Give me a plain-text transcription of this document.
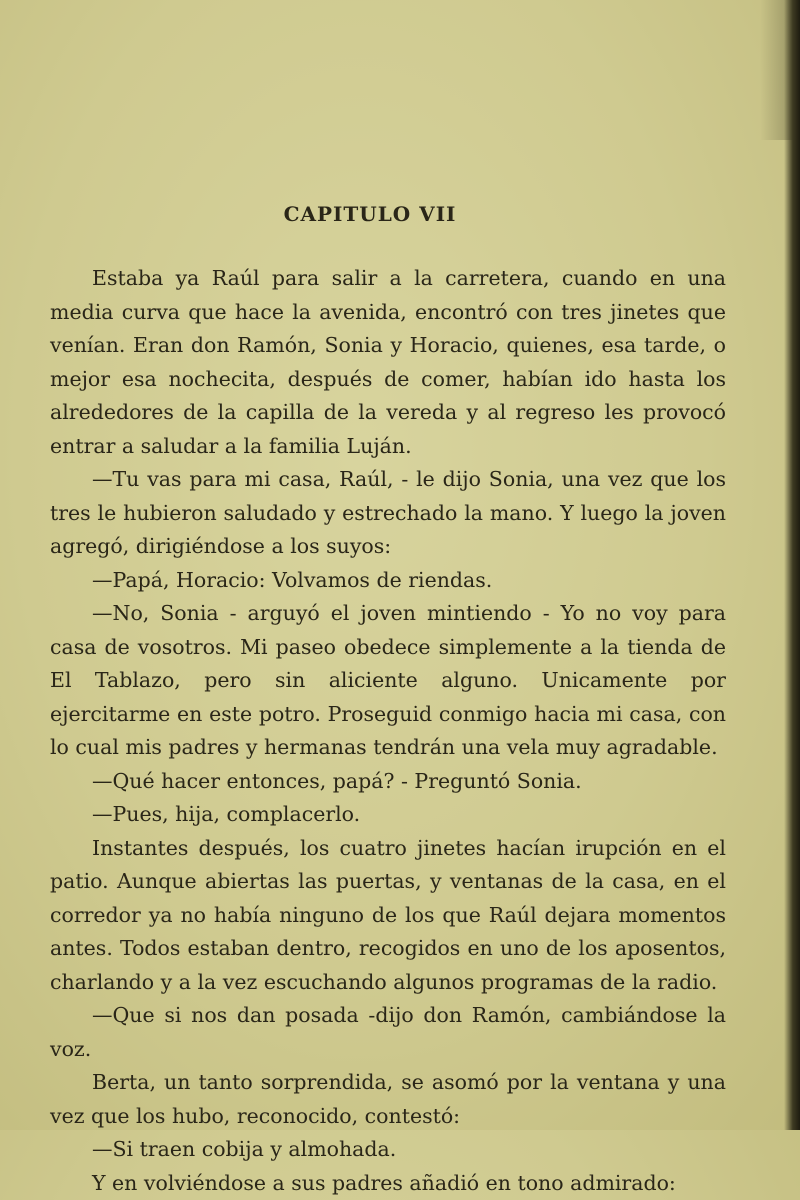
CAPITULO VII

Estaba ya Raúl para salir a la carretera, cuando en una media curva que hace la avenida, encontró con tres jinetes que venían. Eran don Ramón, Sonia y Horacio, quienes, esa tarde, o mejor esa nochecita, después de comer, habían ido hasta los alrededores de la capilla de la vereda y al regreso les provocó entrar a saludar a la familia Luján.

—Tu vas para mi casa, Raúl, - le dijo Sonia, una vez que los tres le hubieron saludado y estrechado la mano. Y luego la joven agregó, dirigiéndose a los suyos:

—Papá, Horacio: Volvamos de riendas.

—No, Sonia - arguyó el joven mintiendo - Yo no voy para casa de vosotros. Mi paseo obedece simplemente a la tienda de El Tablazo, pero sin aliciente alguno. Unicamente por ejercitarme en este potro. Proseguid conmigo hacia mi casa, con lo cual mis padres y hermanas tendrán una vela muy agradable.

—Qué hacer entonces, papá? - Preguntó Sonia.

—Pues, hija, complacerlo.

Instantes después, los cuatro jinetes hacían irupción en el patio. Aunque abiertas las puertas, y ventanas de la casa, en el corredor ya no había ninguno de los que Raúl dejara momentos antes. Todos estaban dentro, recogidos en uno de los aposentos, charlando y a la vez escuchando algunos programas de la radio.

—Que si nos dan posada -dijo don Ramón, cambiándose la voz.

Berta, un tanto sorprendida, se asomó por la ventana y una vez que los hubo, reconocido, contestó:

—Si traen cobija y almohada.

Y en volviéndose a sus padres añadió en tono admirado:
